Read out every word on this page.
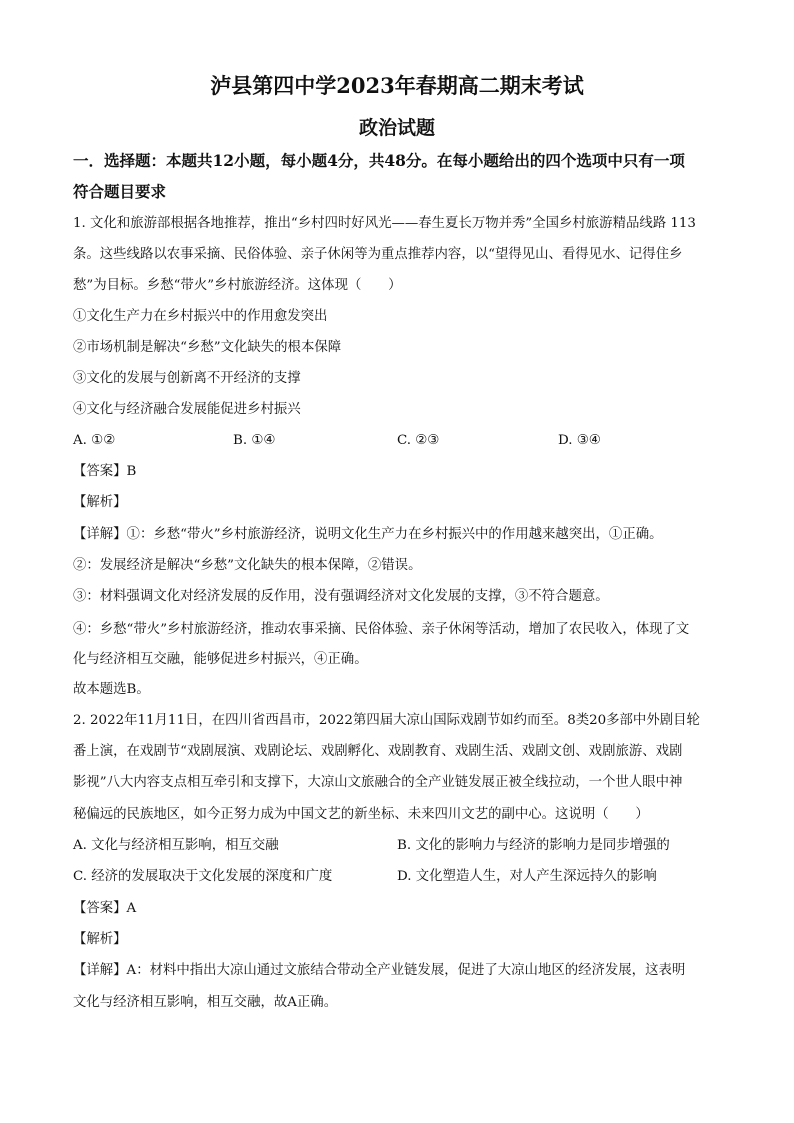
泸县第四中学2023年春期高二期末考试
政治试题
一．选择题：本题共12小题，每小题4分，共48分。在每小题给出的四个选项中只有一项
符合题目要求
1. 文化和旅游部根据各地推荐，推出“乡村四时好风光——春生夏长万物并秀”全国乡村旅游精品线路 113
条。这些线路以农事采摘、民俗体验、亲子休闲等为重点推荐内容，以“望得见山、看得见水、记得住乡
愁”为目标。乡愁“带火”乡村旅游经济。这体现（　　）
①文化生产力在乡村振兴中的作用愈发突出
②市场机制是解决“乡愁”文化缺失的根本保障
③文化的发展与创新离不开经济的支撑
④文化与经济融合发展能促进乡村振兴
A. ①②	B. ①④	C. ②③	D. ③④
【答案】B
【解析】
【详解】①：乡愁“带火”乡村旅游经济，说明文化生产力在乡村振兴中的作用越来越突出，①正确。
②：发展经济是解决“乡愁”文化缺失的根本保障，②错误。
③：材料强调文化对经济发展的反作用，没有强调经济对文化发展的支撑，③不符合题意。
④：乡愁“带火”乡村旅游经济，推动农事采摘、民俗体验、亲子休闲等活动，增加了农民收入，体现了文
化与经济相互交融，能够促进乡村振兴，④正确。
故本题选B。
2. 2022年11月11日，在四川省西昌市，2022第四届大凉山国际戏剧节如约而至。8类20多部中外剧目轮
番上演，在戏剧节“戏剧展演、戏剧论坛、戏剧孵化、戏剧教育、戏剧生活、戏剧文创、戏剧旅游、戏剧
影视”八大内容支点相互牵引和支撑下，大凉山文旅融合的全产业链发展正被全线拉动，一个世人眼中神
秘偏远的民族地区，如今正努力成为中国文艺的新坐标、未来四川文艺的副中心。这说明（　　）
A. 文化与经济相互影响，相互交融	B. 文化的影响力与经济的影响力是同步增强的
C. 经济的发展取决于文化发展的深度和广度	D. 文化塑造人生，对人产生深远持久的影响
【答案】A
【解析】
【详解】A：材料中指出大凉山通过文旅结合带动全产业链发展，促进了大凉山地区的经济发展，这表明
文化与经济相互影响，相互交融，故A正确。
